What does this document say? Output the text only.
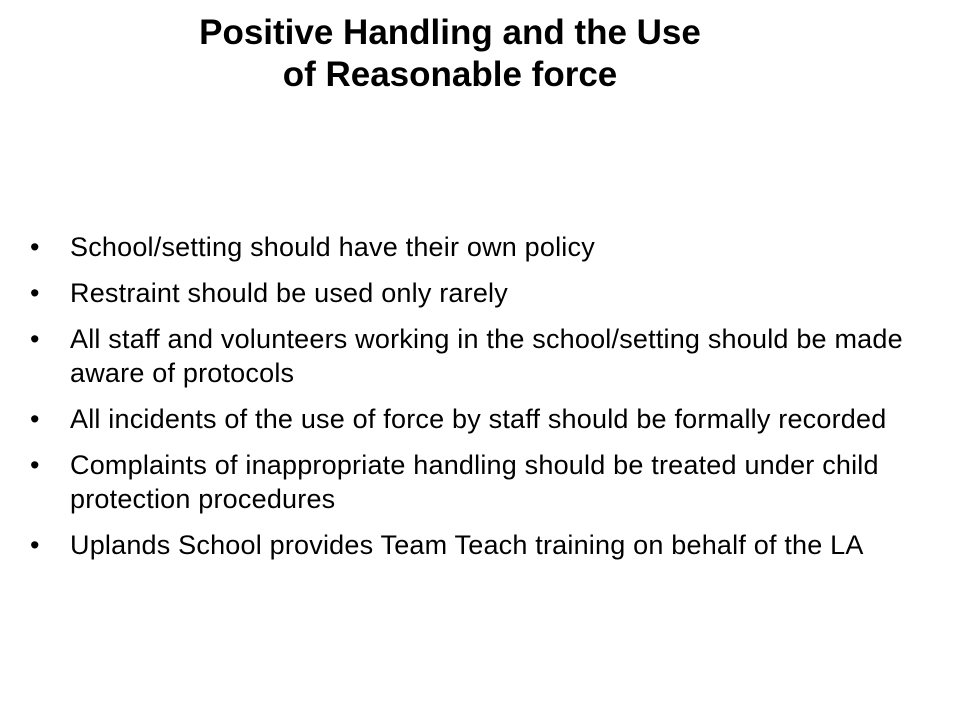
Positive Handling and the Use
of Reasonable force
•	School/setting should have their own policy
•	Restraint should be used only rarely
•	All staff and volunteers working in the school/setting should be made aware of protocols
•	All incidents of the use of force by staff should be formally recorded
•	Complaints of inappropriate handling should be treated under child protection procedures
•	Uplands School provides Team Teach training on behalf of the LA
